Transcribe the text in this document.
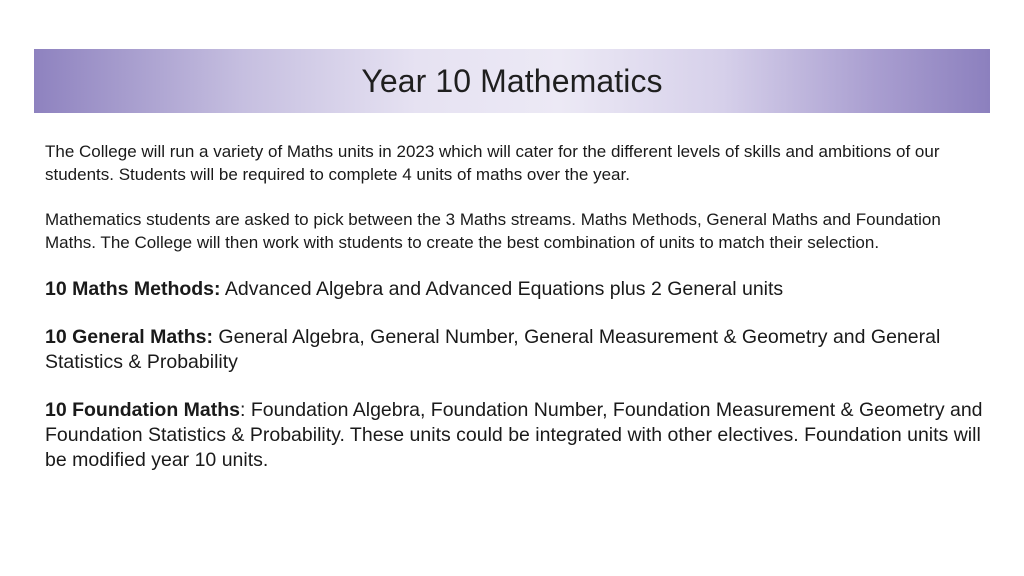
Year 10 Mathematics

The College will run a variety of Maths units in 2023 which will cater for the different levels of skills and ambitions of our students. Students will be required to complete 4 units of maths over the year.

Mathematics students are asked to pick between the 3 Maths streams. Maths Methods, General Maths and Foundation Maths. The College will then work with students to create the best combination of units to match their selection.

10 Maths Methods: Advanced Algebra and Advanced Equations plus 2 General units

10 General Maths: General Algebra, General Number, General Measurement & Geometry and General Statistics & Probability

10 Foundation Maths: Foundation Algebra, Foundation Number, Foundation Measurement & Geometry and Foundation Statistics & Probability. These units could be integrated with other electives. Foundation units will be modified year 10 units.
